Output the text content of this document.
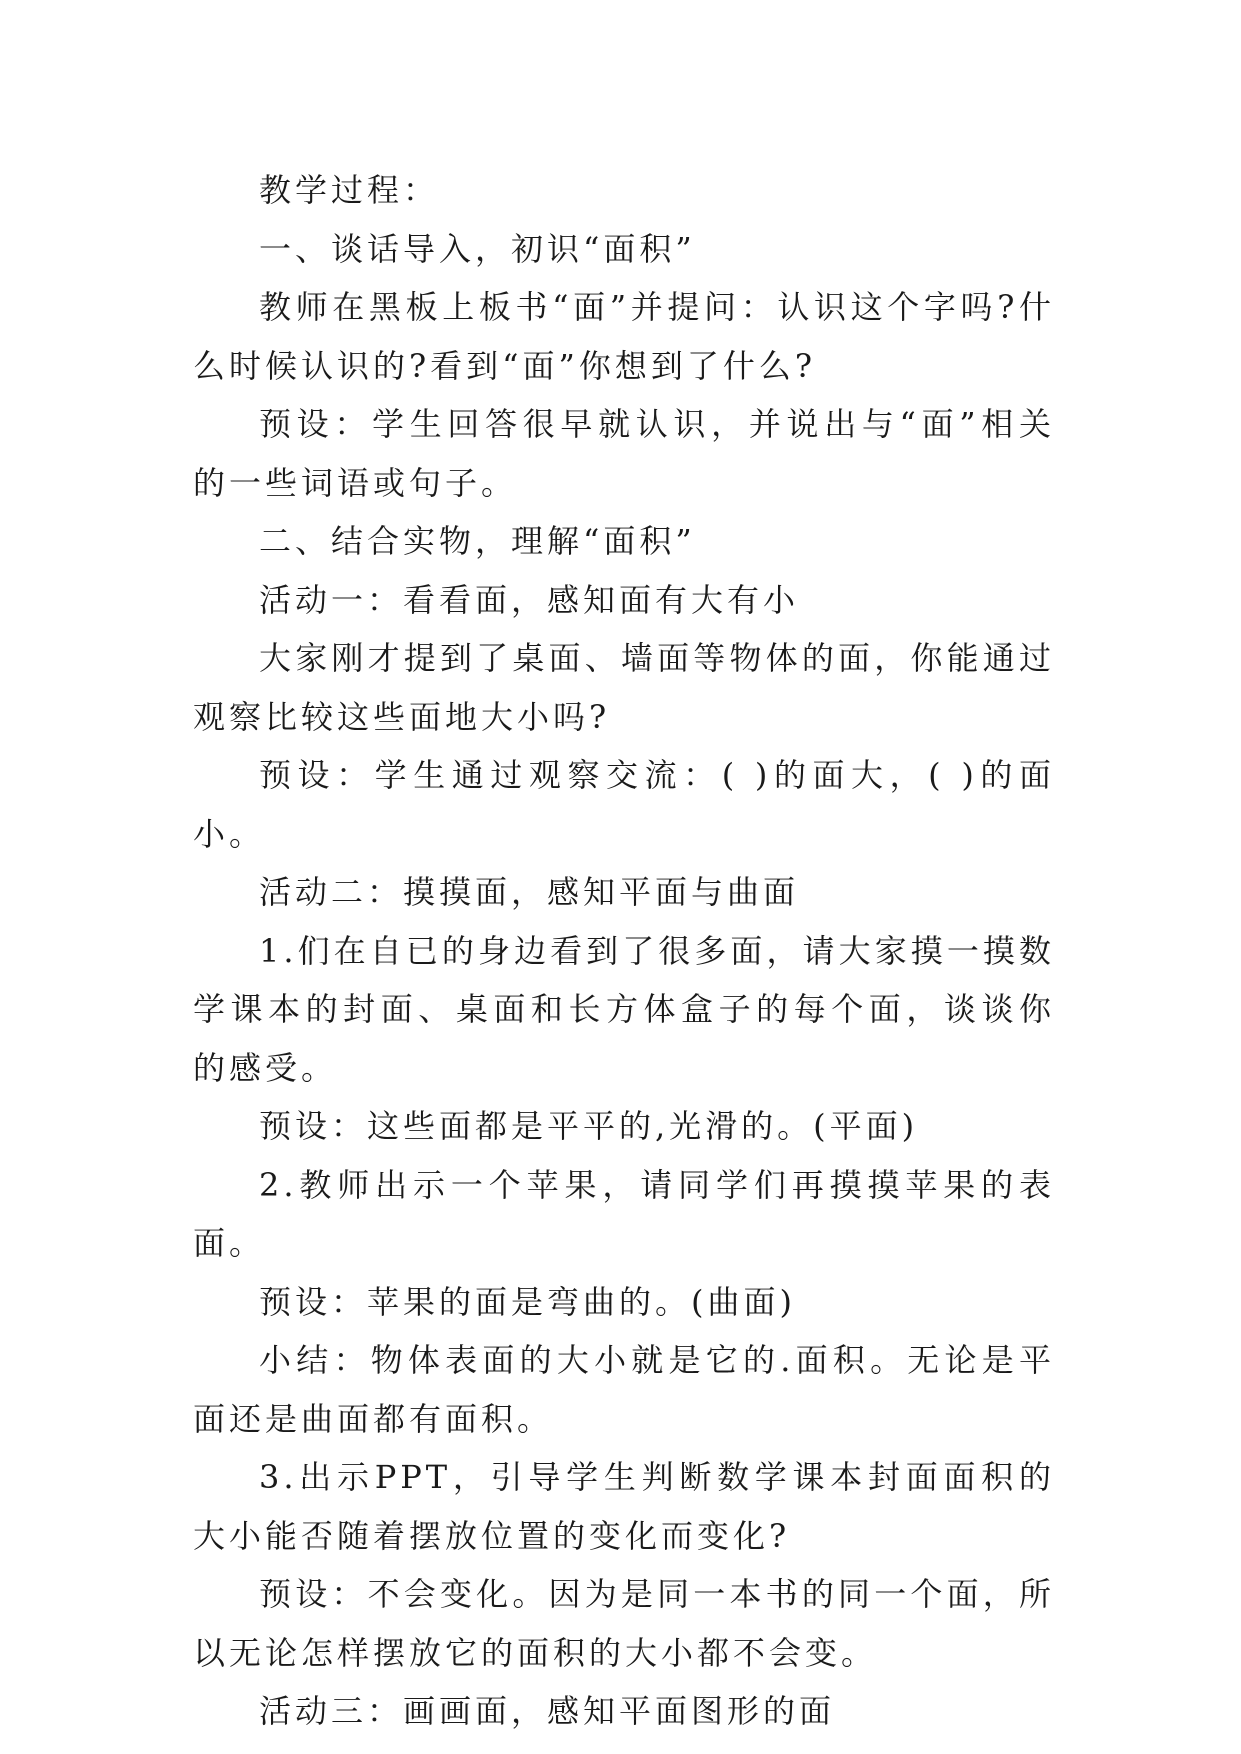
教学过程：

一、谈话导入，初识“面积”

教师在黑板上板书“面”并提问：认识这个字吗?什么时候认识的?看到“面”你想到了什么?

预设：学生回答很早就认识，并说出与“面”相关的一些词语或句子。

二、结合实物，理解“面积”

活动一：看看面，感知面有大有小

大家刚才提到了桌面、墙面等物体的面，你能通过观察比较这些面地大小吗?

预设：学生通过观察交流：( )的面大，( )的面小。

活动二：摸摸面，感知平面与曲面

1.们在自已的身边看到了很多面，请大家摸一摸数学课本的封面、桌面和长方体盒子的每个面，谈谈你的感受。

预设：这些面都是平平的,光滑的。(平面)

2.教师出示一个苹果，请同学们再摸摸苹果的表面。

预设：苹果的面是弯曲的。(曲面)

小结：物体表面的大小就是它的.面积。无论是平面还是曲面都有面积。

3.出示PPT，引导学生判断数学课本封面面积的大小能否随着摆放位置的变化而变化?

预设：不会变化。因为是同一本书的同一个面，所以无论怎样摆放它的面积的大小都不会变。

活动三：画画面，感知平面图形的面
